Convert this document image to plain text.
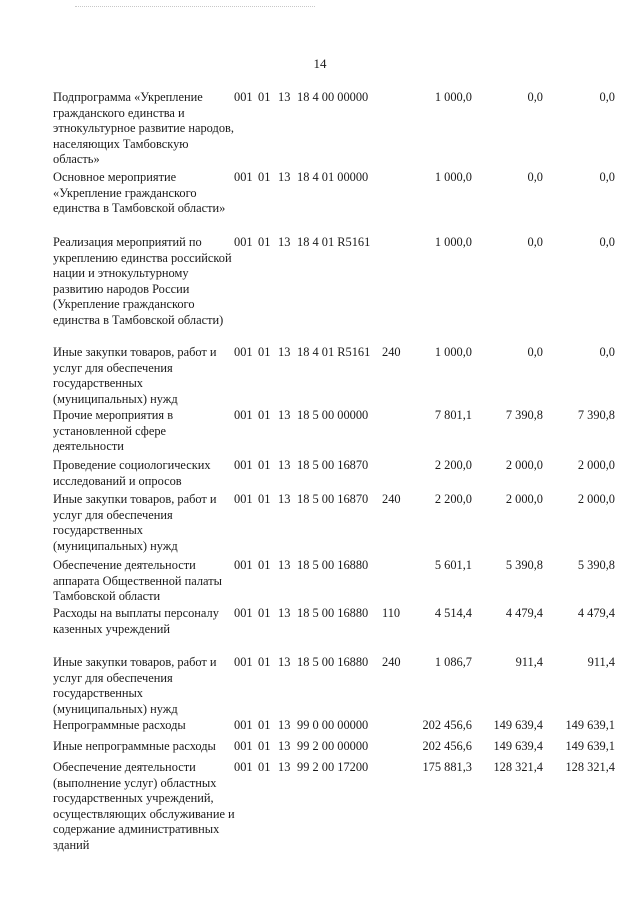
14
Подпрограмма «Укрепление гражданского единства и этнокультурное развитие народов, населяющих Тамбовскую область»
001 01 13 18 4 00 00000	1 000,0	0,0	0,0
Основное мероприятие «Укрепление гражданского единства в Тамбовской области»
001 01 13 18 4 01 00000	1 000,0	0,0	0,0
Реализация мероприятий по укреплению единства российской нации и этнокультурному развитию народов России (Укрепление гражданского единства в Тамбовской области)
001 01 13 18 4 01 R5161	1 000,0	0,0	0,0
Иные закупки товаров, работ и услуг для обеспечения государственных (муниципальных) нужд
001 01 13 18 4 01 R5161 240	1 000,0	0,0	0,0
Прочие мероприятия в установленной сфере деятельности
001 01 13 18 5 00 00000	7 801,1	7 390,8	7 390,8
Проведение социологических исследований и опросов
001 01 13 18 5 00 16870	2 200,0	2 000,0	2 000,0
Иные закупки товаров, работ и услуг для обеспечения государственных (муниципальных) нужд
001 01 13 18 5 00 16870	240	2 200,0	2 000,0	2 000,0
Обеспечение деятельности аппарата Общественной палаты Тамбовской области
001 01 13 18 5 00 16880	5 601,1	5 390,8	5 390,8
Расходы на выплаты персоналу казенных учреждений
001 01 13 18 5 00 16880	110	4 514,4	4 479,4	4 479,4
Иные закупки товаров, работ и услуг для обеспечения государственных (муниципальных) нужд
001 01 13 18 5 00 16880	240	1 086,7	911,4	911,4
Непрограммные расходы	001 01 13 99 0 00 00000	202 456,6	149 639,4	149 639,1
Иные непрограммные расходы	001 01 13 99 2 00 00000	202 456,6	149 639,4	149 639,1
Обеспечение деятельности (выполнение услуг) областных государственных учреждений, осуществляющих обслуживание и содержание административных зданий
001 01 13 99 2 00 17200	175 881,3	128 321,4	128 321,4
